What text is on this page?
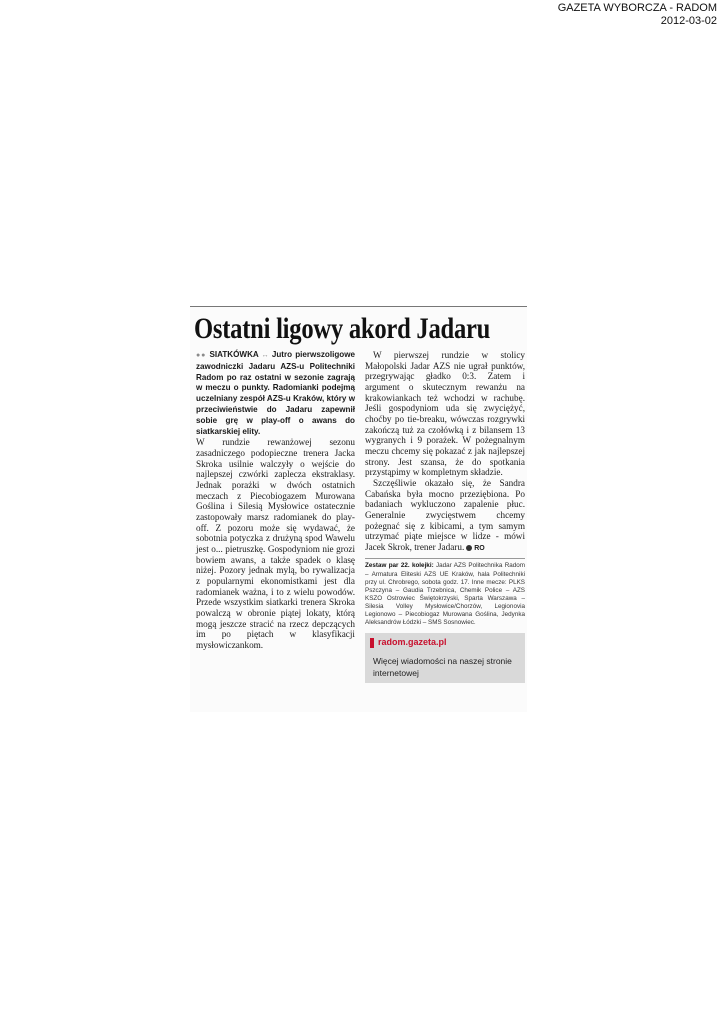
GAZETA WYBORCZA - RADOM
2012-03-02
Ostatni ligowy akord Jadaru

●● SIATKÓWKA ↔ Jutro pierwszoligowe zawodniczki Jadaru AZS-u Politechniki Radom po raz ostatni w sezonie zagrają w meczu o punkty. Radomianki podejmą uczelniany zespół AZS-u Kraków, który w przeciwieństwie do Jadaru zapewnił sobie grę w play-off o awans do siatkarskiej elity.

W rundzie rewanżowej sezonu zasadniczego podopieczne trenera Jacka Skroka usilnie walczyły o wejście do najlepszej czwórki zaplecza ekstraklasy. Jednak porażki w dwóch ostatnich meczach z Piecobiogazem Murowana Goślina i Silesią Mysłowice ostatecznie zastopowały marsz radomianek do play-off. Z pozoru może się wydawać, że sobotnia potyczka z drużyną spod Wawelu jest o... pietruszkę. Gospodyniom nie grozi bowiem awans, a także spadek o klasę niżej. Pozory jednak mylą, bo rywalizacja z popularnymi ekonomistkami jest dla radomianek ważna, i to z wielu powodów. Przede wszystkim siatkarki trenera Skroka powalczą w obronie piątej lokaty, którą mogą jeszcze stracić na rzecz depczących im po piętach w klasyfikacji mysłowiczankom.

W pierwszej rundzie w stolicy Małopolski Jadar AZS nie ugrał punktów, przegrywając gładko 0:3. Zatem i argument o skutecznym rewanżu na krakowiankach też wchodzi w rachubę. Jeśli gospodyniom uda się zwyciężyć, choćby po tie-breaku, wówczas rozgrywki zakończą tuż za czołówką i z bilansem 13 wygranych i 9 porażek. W pożegnalnym meczu chcemy się pokazać z jak najlepszej strony. Jest szansa, że do spotkania przystąpimy w kompletnym składzie.

Szczęśliwie okazało się, że Sandra Cabańska była mocno przeziębiona. Po badaniach wykluczono zapalenie płuc. Generalnie zwycięstwem chcemy pożegnać się z kibicami, a tym samym utrzymać piąte miejsce w lidze - mówi Jacek Skrok, trener Jadaru. RO

Zestaw par 22. kolejki: Jadar AZS Politechnika Radom – Armatura Eliteski AZS UE Kraków, hala Politechniki przy ul. Chrobrego, sobota godz. 17. Inne mecze: PLKS Pszczyna – Gaudia Trzebnica, Chemik Police – AZS KSZO Ostrowiec Świętokrzyski, Sparta Warszawa – Silesia Volley Mysłowice/Chorzów, Legionovia Legionowo – Piecobiogaz Murowana Goślina, Jedynka Aleksandrów Łódzki – SMS Sosnowiec.

radom.gazeta.pl
Więcej wiadomości na naszej stronie internetowej
